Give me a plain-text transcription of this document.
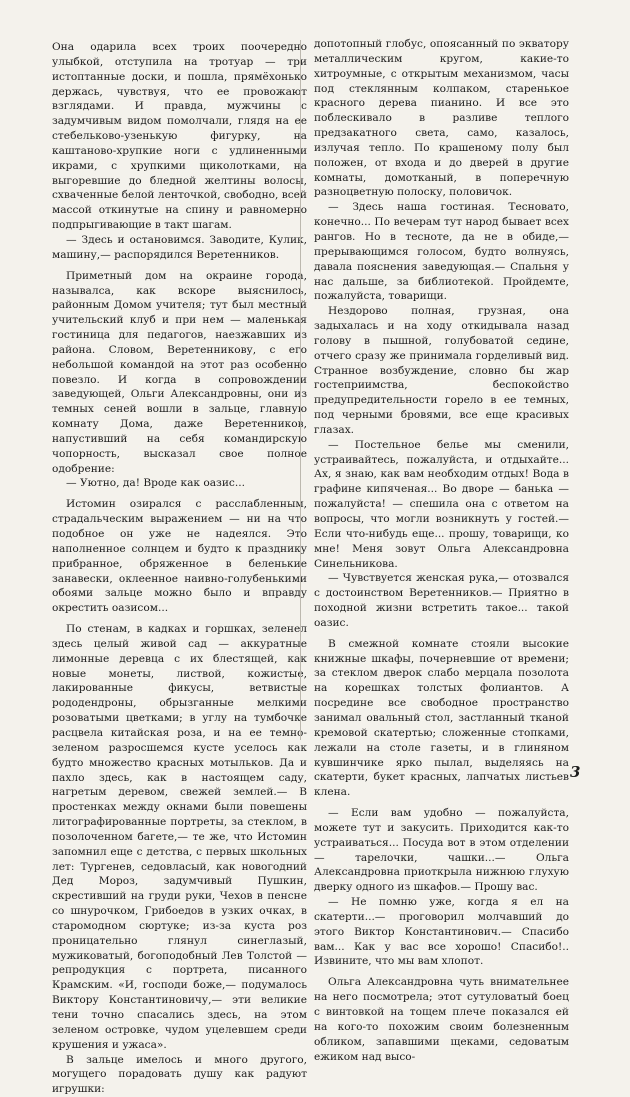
Она одарила всех троих поочередно улыбкой, отступила на тротуар — три истоптанные доски, и пошла, прямёхонько держась, чувствуя, что ее провожают взглядами. И правда, мужчины с задумчивым видом помолчали, глядя на ее стебельково-узенькую фигурку, на каштаново-хрупкие ноги с удлиненными икрами, с хрупкими щиколотками, на выгоревшие до бледной желтины волосы, схваченные белой ленточкой, свободно, всей массой откинутые на спину и равномерно подпрыгивающие в такт шагам.

— Здесь и остановимся. Заводите, Кулик, машину,— распорядился Веретенников.

Приметный дом на окраине города, называлса, как вскоре выяснилось, районным Домом учителя; тут был местный учительский клуб и при нем — маленькая гостиница для педагогов, наезжавших из района. Словом, Веретенникову, с его небольшой командой на этот раз особенно повезло. И когда в сопровождении заведующей, Ольги Александровны, они из темных сеней вошли в зальце, главную комнату Дома, даже Веретенников, напустивший на себя командирскую чопорность, высказал свое полное одобрение:

— Уютно, да! Вроде как оазис...

Истомин озирался с расслабленным, страдальческим выражением — ни на что подобное он уже не надеялся. Это наполненное солнцем и будто к празднику прибранное, обряженное в беленькие занавески, оклеенное наивно-голубенькими обоями зальце можно было и вправду окрестить оазисом...

По стенам, в кадках и горшках, зеленел здесь целый живой сад — аккуратные лимонные деревца с их блестящей, как новые монеты, листвой, кожистые, лакированные фикусы, ветвистые рододендроны, обрызганные мелкими розоватыми цветками; в углу на тумбочке расцвела китайская роза, и на ее темно-зеленом разросшемся кусте уселось как будто множество красных мотыльков. Да и пахло здесь, как в настоящем саду, нагретым деревом, свежей землей.— В простенках между окнами были повешены литографированные портреты, за стеклом, в позолоченном багете,— те же, что Истомин запомнил еще с детства, с первых школьных лет: Тургенев, седовласый, как новогодний Дед Мороз, задумчивый Пушкин, скрестивший на груди руки, Чехов в пенсне со шнурочком, Грибоедов в узких очках, в старомодном сюртуке; из-за куста роз проницательно глянул синеглазый, мужиковатый, богоподобный Лев Толстой — репродукция с портрета, писанного Крамским. «И, господи боже,— подумалось Виктору Константиновичу,— эти великие тени точно спасались здесь, на этом зеленом островке, чудом уцелевшем среди крушения и ужаса».

В зальце имелось и много другого, могущего порадовать душу как радуют игрушки:

допотопный глобус, опоясанный по экватору металлическим кругом, какие-то хитроумные, с открытым механизмом, часы под стеклянным колпаком, старенькое красного дерева пианино. И все это поблескивало в разливе теплого предзакатного света, само, казалось, излучая тепло. По крашеному полу был положен, от входа и до дверей в другие комнаты, домотканый, в поперечную разноцветную полоску, половичок.

— Здесь наша гостиная. Тесновато, конечно... По вечерам тут народ бывает всех рангов. Но в тесноте, да не в обиде,— прерывающимся голосом, будто волнуясь, давала пояснения заведующая.— Спальня у нас дальше, за библиотекой. Пройдемте, пожалуйста, товарищи.

Нездорово полная, грузная, она задыхалась и на ходу откидывала назад голову в пышной, голубоватой седине, отчего сразу же принимала горделивый вид. Странное возбуждение, словно бы жар гостеприимства, беспокойство предупредительности горело в ее темных, под черными бровями, все еще красивых глазах.

— Постельное белье мы сменили, устраивайтесь, пожалуйста, и отдыхайте... Ах, я знаю, как вам необходим отдых! Вода в графине кипяченая... Во дворе — банька — пожалуйста! — спешила она с ответом на вопросы, что могли возникнуть у гостей.— Если что-нибудь еще... прошу, товарищи, ко мне! Меня зовут Ольга Александровна Синельникова.

— Чувствуется женская рука,— отозвался с достоинством Веретенников.— Приятно в походной жизни встретить такое... такой оазис.

В смежной комнате стояли высокие книжные шкафы, почерневшие от времени; за стеклом дверок слабо мерцала позолота на корешках толстых фолиантов. А посредине все свободное пространство занимал овальный стол, застланный тканой кремовой скатертью; сложенные стопками, лежали на столе газеты, и в глиняном кувшинчике ярко пылал, выделяясь на скатерти, букет красных, лапчатых листьев клена.

— Если вам удобно — пожалуйста, можете тут и закусить. Приходится как-то устраиваться... Посуда вот в этом отделении — тарелочки, чашки...— Ольга Александровна приоткрыла нижнюю глухую дверку одного из шкафов.— Прошу вас.

— Не помню уже, когда я ел на скатерти...— проговорил молчавший до этого Виктор Константинович.— Спасибо вам... Как у вас все хорошо! Спасибо!.. Извините, что мы вам хлопот.

Ольга Александровна чуть внимательнее на него посмотрела; этот сутуловатый боец с винтовкой на тощем плече показался ей на кого-то похожим своим болезненным обликом, запавшими щеками, седоватым ежиком над высо-

3
